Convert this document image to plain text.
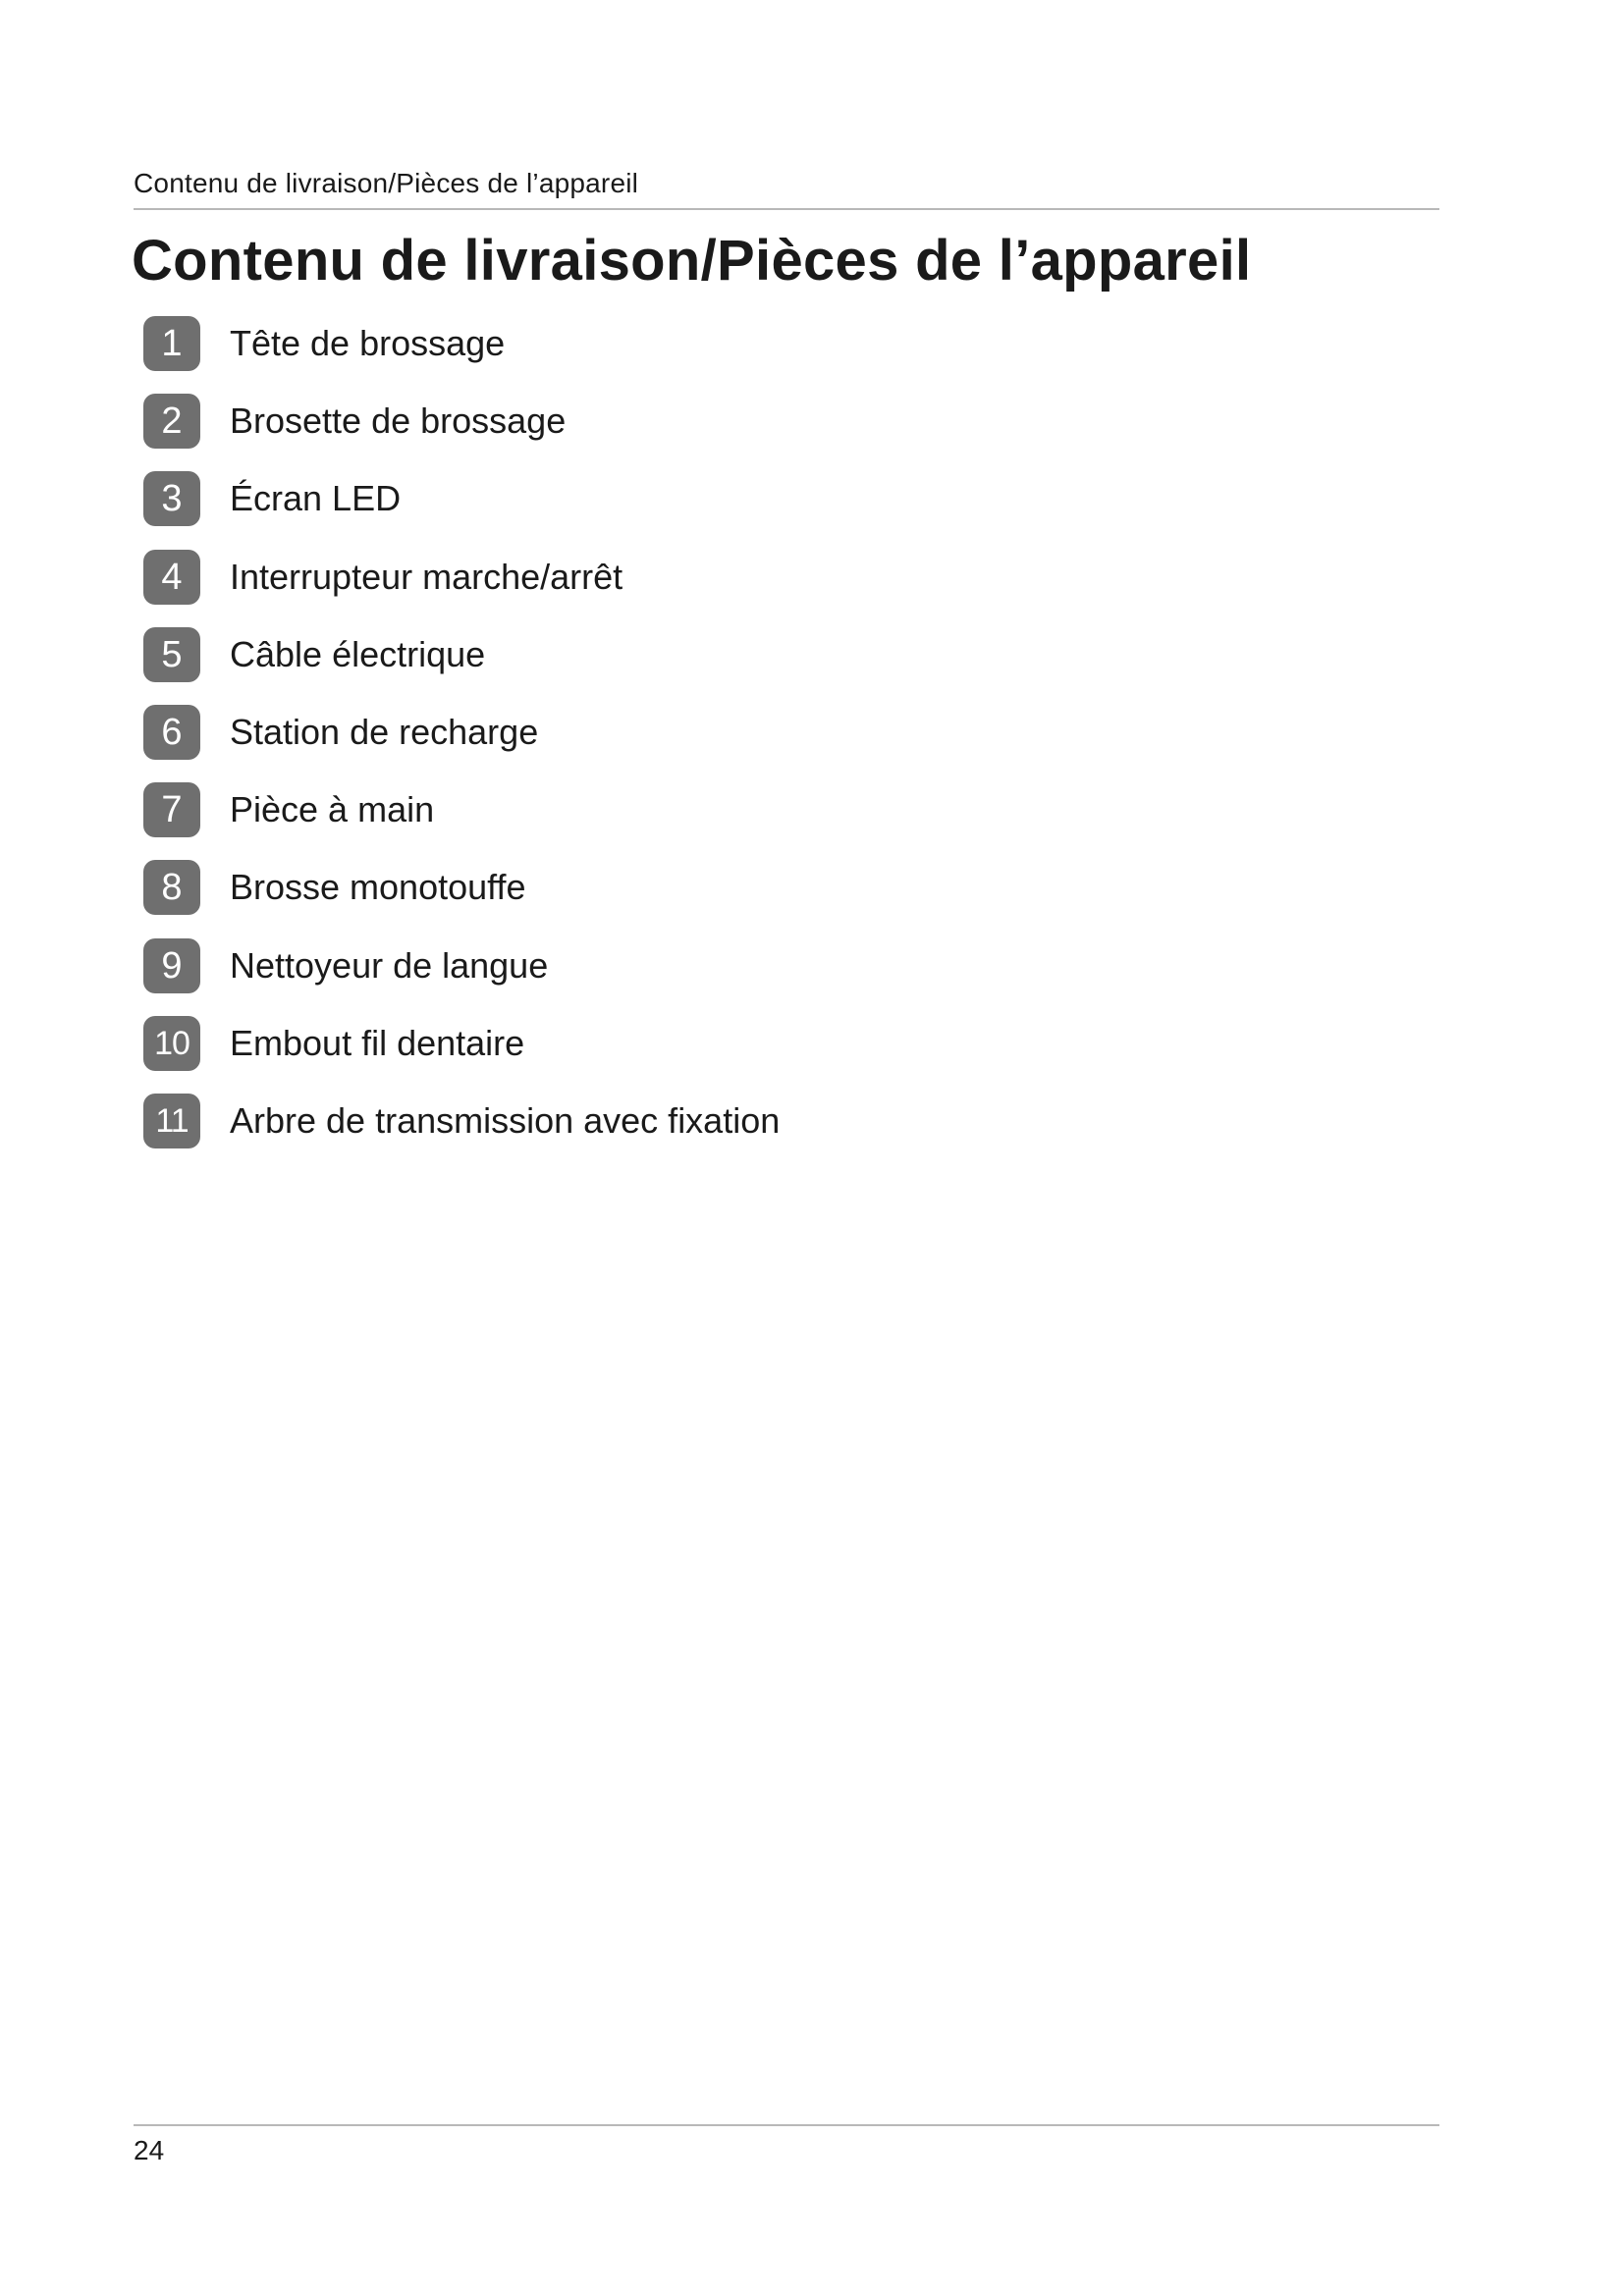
Contenu de livraison/Pièces de l’appareil
Contenu de livraison/Pièces de l’appareil
1	Tête de brossage
2	Brosette de brossage
3	Écran LED
4	Interrupteur marche/arrêt
5	Câble électrique
6	Station de recharge
7	Pièce à main
8	Brosse monotouffe
9	Nettoyeur de langue
10	Embout fil dentaire
11	Arbre de transmission avec fixation
24
